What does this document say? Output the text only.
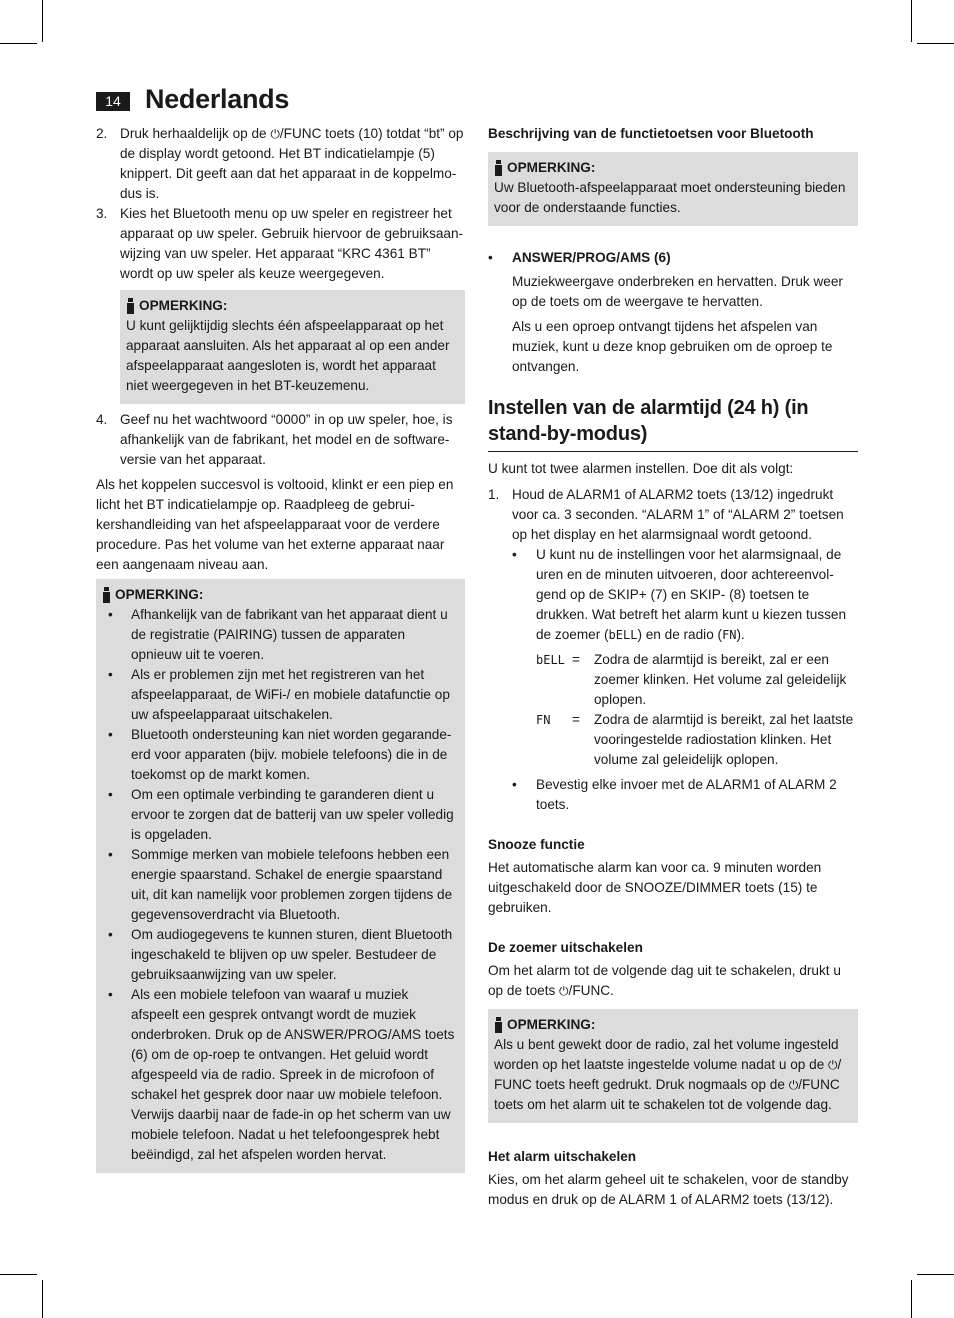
14 Nederlands
2. Druk herhaaldelijk op de ⏻/FUNC toets (10) totdat “bt” op de display wordt getoond. Het BT indicatielampje (5) knippert. Dit geeft aan dat het apparaat in de koppelmo-dus is.
3. Kies het Bluetooth menu op uw speler en registreer het apparaat op uw speler. Gebruik hiervoor de gebruiksaan-wijzing van uw speler. Het apparaat “KRC 4361 BT” wordt op uw speler als keuze weergegeven.
OPMERKING:

U kunt gelijktijdig slechts één afspeelapparaat op het apparaat aansluiten. Als het apparaat al op een ander afspeelapparaat aangesloten is, wordt het apparaat niet weergegeven in het BT-keuzemenu.

4. Geef nu het wachtwoord “0000” in op uw speler, hoe, is afhankelijk van de fabrikant, het model en de software-versie van het apparaat.

Als het koppelen succesvol is voltooid, klinkt er een piep en licht het BT indicatielampje op. Raadpleeg de gebrui-kershandleiding van het afspeelapparaat voor de verdere procedure. Pas het volume van het externe apparaat naar een aangenaam niveau aan.

OPMERKING:
• Afhankelijk van de fabrikant van het apparaat dient u de registratie (PAIRING) tussen de apparaten opnieuw uit te voeren.
• Als er problemen zijn met het registreren van het afspeelapparaat, de WiFi-/ en mobiele datafunctie op uw afspeelapparaat uitschakelen.
• Bluetooth ondersteuning kan niet worden gegarande-erd voor apparaten (bijv. mobiele telefoons) die in de toekomst op de markt komen.
• Om een optimale verbinding te garanderen dient u ervoor te zorgen dat de batterij van uw speler volledig is opgeladen.
• Sommige merken van mobiele telefoons hebben een energie spaarstand. Schakel de energie spaarstand uit, dit kan namelijk voor problemen zorgen tijdens de gegevensoverdracht via Bluetooth.
• Om audiogegevens te kunnen sturen, dient Bluetooth ingeschakeld te blijven op uw speler. Bestudeer de gebruiksaanwijzing van uw speler.
• Als een mobiele telefoon van waaraf u muziek afspeelt een gesprek ontvangt wordt de muziek onderbroken. Druk op de ANSWER/PROG/AMS toets (6) om de op-roep te ontvangen. Het geluid wordt afgespeeld via de radio. Spreek in de microfoon of schakel het gesprek door naar uw mobiele telefoon. Verwijs daarbij naar de fade-in op het scherm van uw mobiele telefoon. Nadat u het telefoongesprek hebt beëindigd, zal het afspelen worden hervat.

Beschrijving van de functietoetsen voor Bluetooth

OPMERKING:

Uw Bluetooth-afspeelapparaat moet ondersteuning bieden voor de onderstaande functies.

• ANSWER/PROG/AMS (6)

Muziekweergave onderbreken en hervatten. Druk weer op de toets om de weergave te hervatten.

Als u een oproep ontvangt tijdens het afspelen van muziek, kunt u deze knop gebruiken om de oproep te ontvangen.

Instellen van de alarmtijd (24 h) (in stand-by-modus)

U kunt tot twee alarmen instellen. Doe dit als volgt:

1. Houd de ALARM1 of ALARM2 toets (13/12) ingedrukt voor ca. 3 seconden. “ALARM 1” of “ALARM 2” toetsen op het display en het alarmsignaal wordt getoond.
• U kunt nu de instellingen voor het alarmsignaal, de uren en de minuten uitvoeren, door achtereenvol-gend op de SKIP+ (7) en SKIP- (8) toetsen te drukken. Wat betreft het alarm kunt u kiezen tussen de zoemer (bELL) en de radio (FN).
bELL =	Zodra de alarmtijd is bereikt, zal er een zoemer klinken. Het volume zal geleidelijk oplopen.
FN	=	Zodra de alarmtijd is bereikt, zal het laatste vooringestelde radiostation klinken. Het volume zal geleidelijk oplopen.
• Bevestig elke invoer met de ALARM1 of ALARM 2 toets.

Snooze functie

Het automatische alarm kan voor ca. 9 minuten worden uitgeschakeld door de SNOOZE/DIMMER toets (15) te gebruiken.

De zoemer uitschakelen

Om het alarm tot de volgende dag uit te schakelen, drukt u op de toets ⏻/FUNC.

OPMERKING:

Als u bent gewekt door de radio, zal het volume ingesteld worden op het laatste ingestelde volume nadat u op de ⏻/ FUNC toets heeft gedrukt. Druk nogmaals op de ⏻/FUNC toets om het alarm uit te schakelen tot de volgende dag.

Het alarm uitschakelen

Kies, om het alarm geheel uit te schakelen, voor de standby modus en druk op de ALARM 1 of ALARM2 toets (13/12).
